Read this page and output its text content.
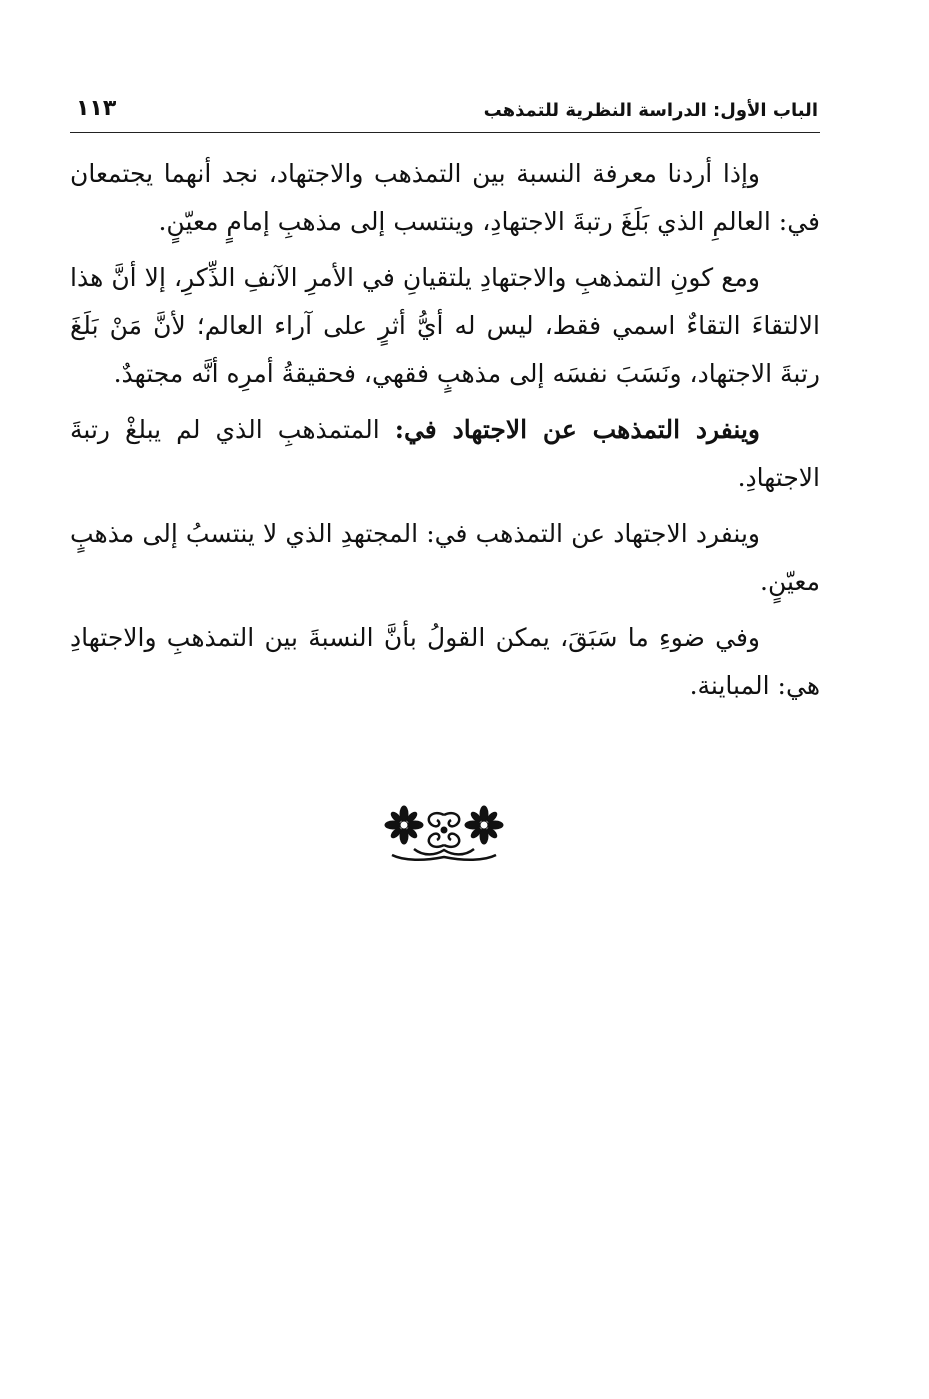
الباب الأول: الدراسة النظرية للتمذهب
١١٣

وإذا أردنا معرفة النسبة بين التمذهب والاجتهاد، نجد أنهما يجتمعان في: العالمِ الذي بَلَغَ رتبةَ الاجتهادِ، وينتسب إلى مذهبِ إمامٍ معيّنٍ.

ومع كونِ التمذهبِ والاجتهادِ يلتقيانِ في الأمرِ الآنفِ الذِّكرِ، إلا أنَّ هذا الالتقاءَ التقاءٌ اسمي فقط، ليس له أيُّ أثرٍ على آراء العالم؛ لأنَّ مَنْ بَلَغَ رتبةَ الاجتهاد، ونَسَبَ نفسَه إلى مذهبٍ فقهي، فحقيقةُ أمرِه أنَّه مجتهدٌ.

وينفرد التمذهب عن الاجتهاد في: المتمذهبِ الذي لم يبلغْ رتبةَ الاجتهادِ.

وينفرد الاجتهاد عن التمذهب في: المجتهدِ الذي لا ينتسبُ إلى مذهبٍ معيّنٍ.

وفي ضوءِ ما سَبَقَ، يمكن القولُ بأنَّ النسبةَ بين التمذهبِ والاجتهادِ هي: المباينة.
